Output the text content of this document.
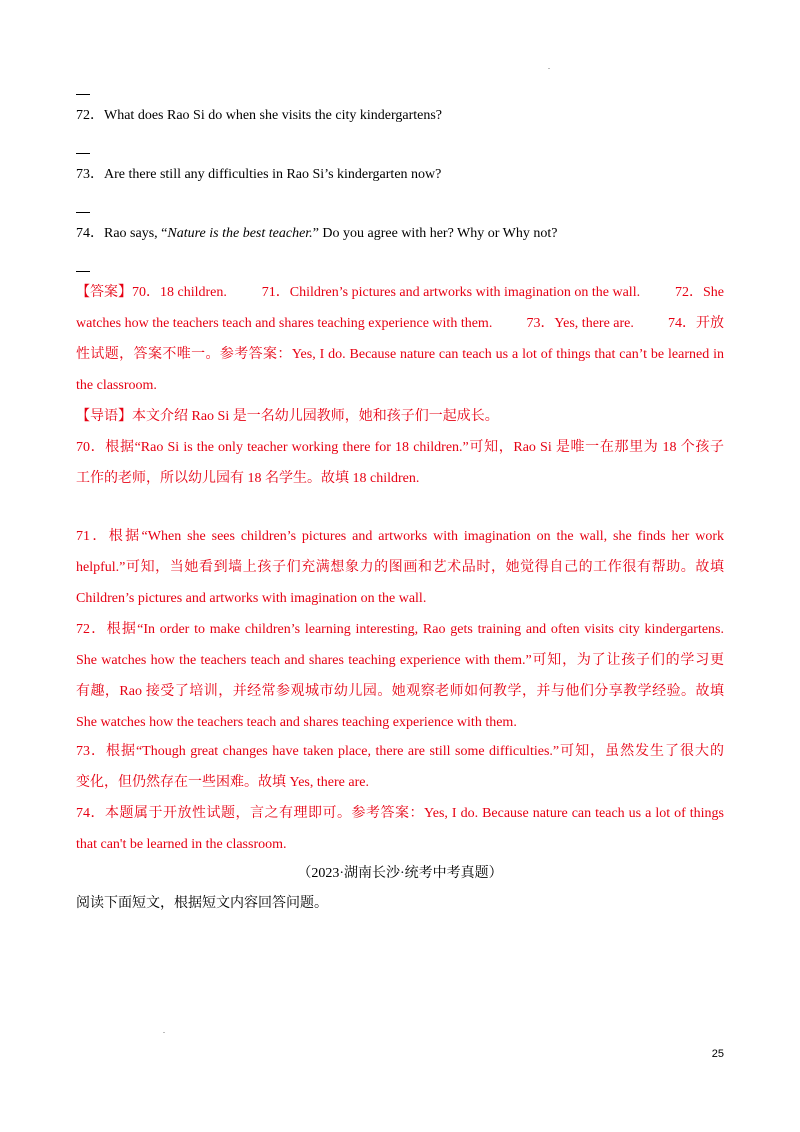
72．What does Rao Si do when she visits the city kindergartens?
73．Are there still any difficulties in Rao Si’s kindergarten now?
74．Rao says, “Nature is the best teacher.” Do you agree with her? Why or Why not?
【答案】70．18 children. 71．Children’s pictures and artworks with imagination on the wall. 72．She
watches how the teachers teach and shares teaching experience with them. 73．Yes, there are. 74．开放
性试题，答案不唯一。参考答案：Yes, I do. Because nature can teach us a lot of things that can’t be learned in
the classroom.
【导语】本文介绍 Rao Si 是一名幼儿园教师，她和孩子们一起成长。
70．根据“Rao Si is the only teacher working there for 18 children.”可知，Rao Si 是唯一在那里为 18 个孩子
工作的老师，所以幼儿园有 18 名学生。故填 18 children.
71．根据“When she sees children’s pictures and artworks with imagination on the wall, she finds her work
helpful.”可知，当她看到墙上孩子们充满想象力的图画和艺术品时，她觉得自己的工作很有帮助。故填
Children’s pictures and artworks with imagination on the wall.
72．根据“In order to make children’s learning interesting, Rao gets training and often visits city kindergartens.
She watches how the teachers teach and shares teaching experience with them.”可知，为了让孩子们的学习更
有趣，Rao 接受了培训，并经常参观城市幼儿园。她观察老师如何教学，并与他们分享教学经验。故填
She watches how the teachers teach and shares teaching experience with them.
73．根据“Though great changes have taken place, there are still some difficulties.”可知，虽然发生了很大的
变化，但仍然存在一些困难。故填 Yes, there are.
74．本题属于开放性试题，言之有理即可。参考答案：Yes, I do. Because nature can teach us a lot of things
that can't be learned in the classroom.
（2023·湖南长沙·统考中考真题）
阅读下面短文，根据短文内容回答问题。
25
